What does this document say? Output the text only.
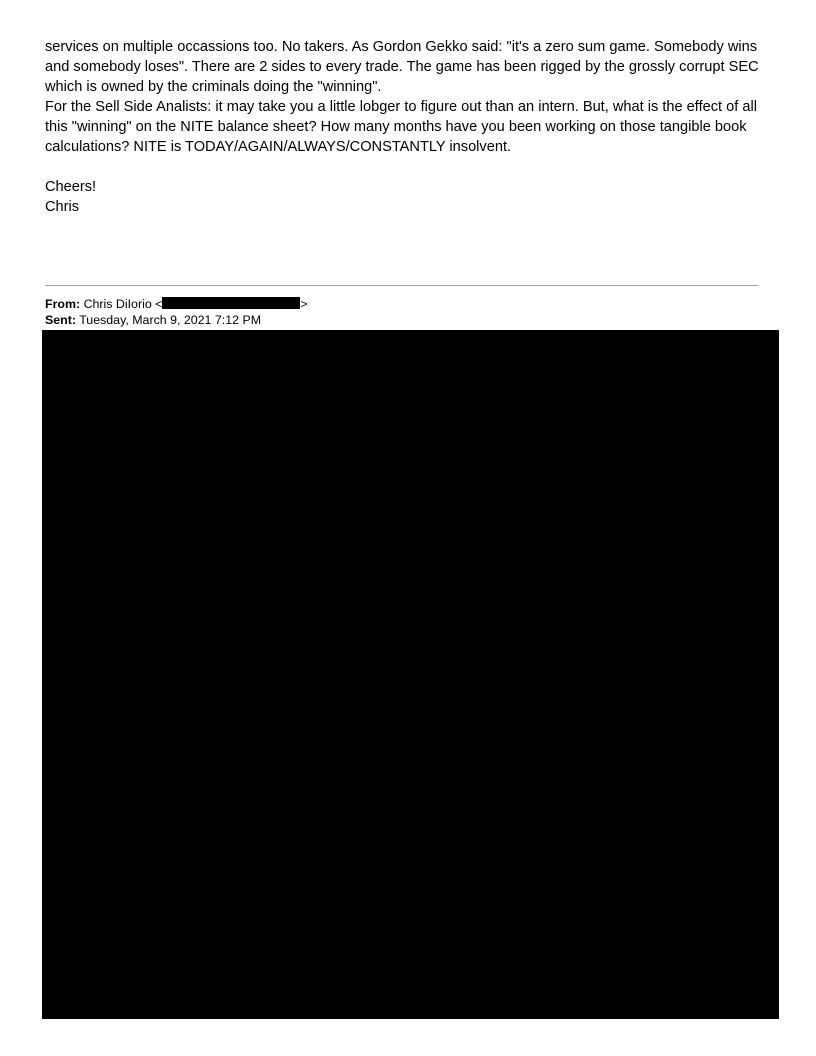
services on multiple occassions too. No takers. As Gordon Gekko said: "it's a zero sum game. Somebody wins

and somebody loses". There are 2 sides to every trade. The game has been rigged by the grossly corrupt SEC

which is owned by the criminals doing the "winning".

For the Sell Side Analists: it may take you a little lobger to figure out than an intern. But, what is the effect of all

this "winning" on the NITE balance sheet? How many months have you been working on those tangible book

calculations? NITE is TODAY/AGAIN/ALWAYS/CONSTANTLY insolvent.

Cheers!

Chris

From: Chris DiIorio <	>
Sent: Tuesday, March 9, 2021 7:12 PM
